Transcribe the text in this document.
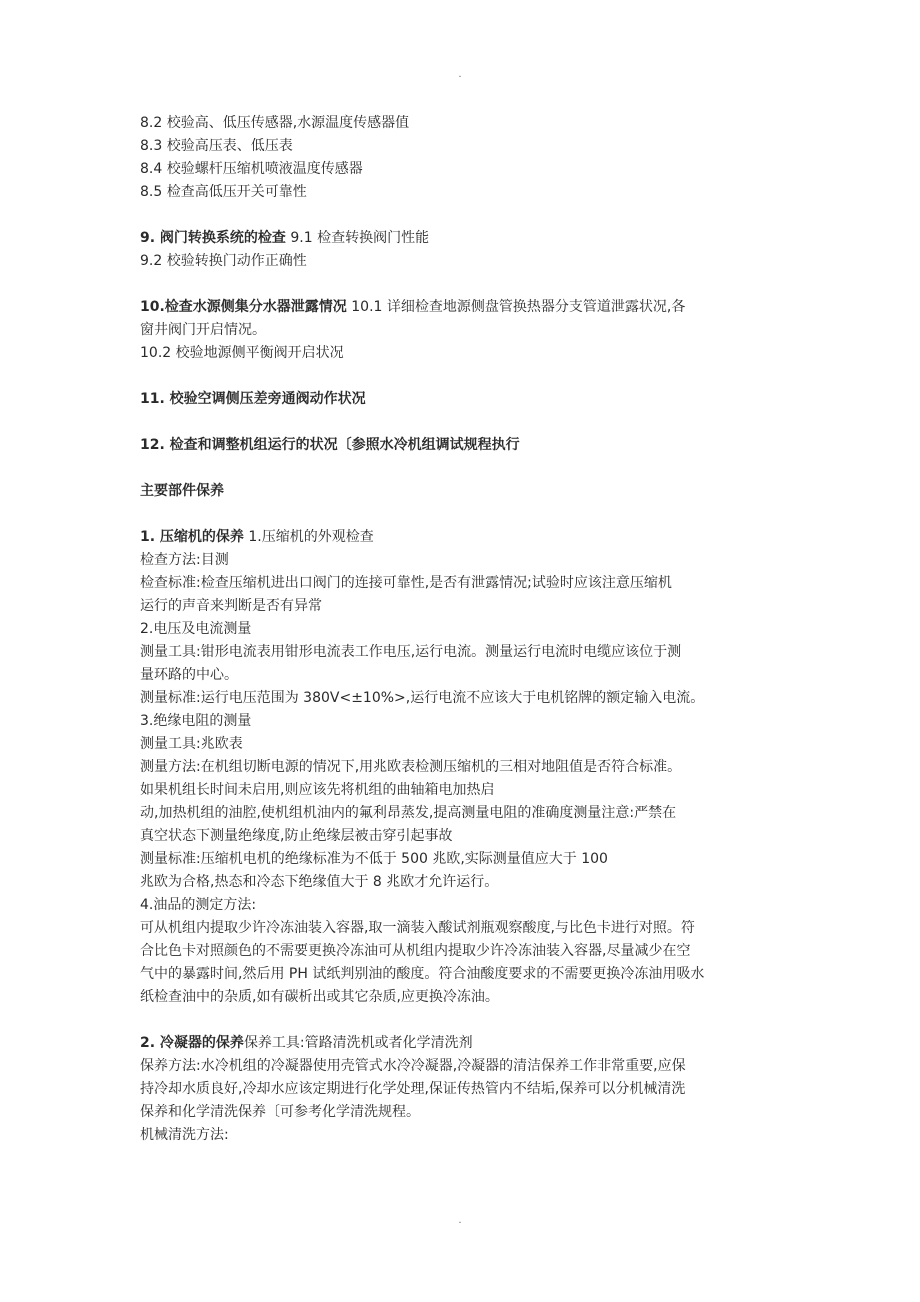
.
8.2 校验高、低压传感器,水源温度传感器值
8.3 校验高压表、低压表
8.4 校验螺杆压缩机喷液温度传感器
8.5 检查高低压开关可靠性
9. 阀门转换系统的检查 9.1 检查转换阀门性能
9.2 校验转换门动作正确性
10.检查水源侧集分水器泄露情况 10.1 详细检查地源侧盘管换热器分支管道泄露状况,各
窗井阀门开启情况。
10.2 校验地源侧平衡阀开启状况
11. 校验空调侧压差旁通阀动作状况
12. 检查和调整机组运行的状况〔参照水冷机组调试规程执行
主要部件保养
1. 压缩机的保养 1.压缩机的外观检查
检查方法:目测
检查标准:检查压缩机进出口阀门的连接可靠性,是否有泄露情况;试验时应该注意压缩机
运行的声音来判断是否有异常
2.电压及电流测量
测量工具:钳形电流表用钳形电流表工作电压,运行电流。测量运行电流时电缆应该位于测
量环路的中心。
测量标准:运行电压范围为 380V<±10%>,运行电流不应该大于电机铭牌的额定输入电流。
3.绝缘电阻的测量
测量工具:兆欧表
测量方法:在机组切断电源的情况下,用兆欧表检测压缩机的三相对地阻值是否符合标准。
如果机组长时间未启用,则应该先将机组的曲轴箱电加热启
动,加热机组的油腔,使机组机油内的氟利昂蒸发,提高测量电阻的准确度测量注意:严禁在
真空状态下测量绝缘度,防止绝缘层被击穿引起事故
测量标准:压缩机电机的绝缘标准为不低于 500 兆欧,实际测量值应大于 100
兆欧为合格,热态和冷态下绝缘值大于 8 兆欧才允许运行。
4.油品的测定方法:
可从机组内提取少许冷冻油装入容器,取一滴装入酸试剂瓶观察酸度,与比色卡进行对照。符
合比色卡对照颜色的不需要更换冷冻油可从机组内提取少许冷冻油装入容器,尽量减少在空
气中的暴露时间,然后用 PH 试纸判别油的酸度。符合油酸度要求的不需要更换冷冻油用吸水
纸检查油中的杂质,如有碳析出或其它杂质,应更换冷冻油。
2. 冷凝器的保养保养工具:管路清洗机或者化学清洗剂
保养方法:水冷机组的冷凝器使用壳管式水冷冷凝器,冷凝器的清洁保养工作非常重要,应保
持冷却水质良好,冷却水应该定期进行化学处理,保证传热管内不结垢,保养可以分机械清洗
保养和化学清洗保养〔可参考化学清洗规程。
机械清洗方法:
.
